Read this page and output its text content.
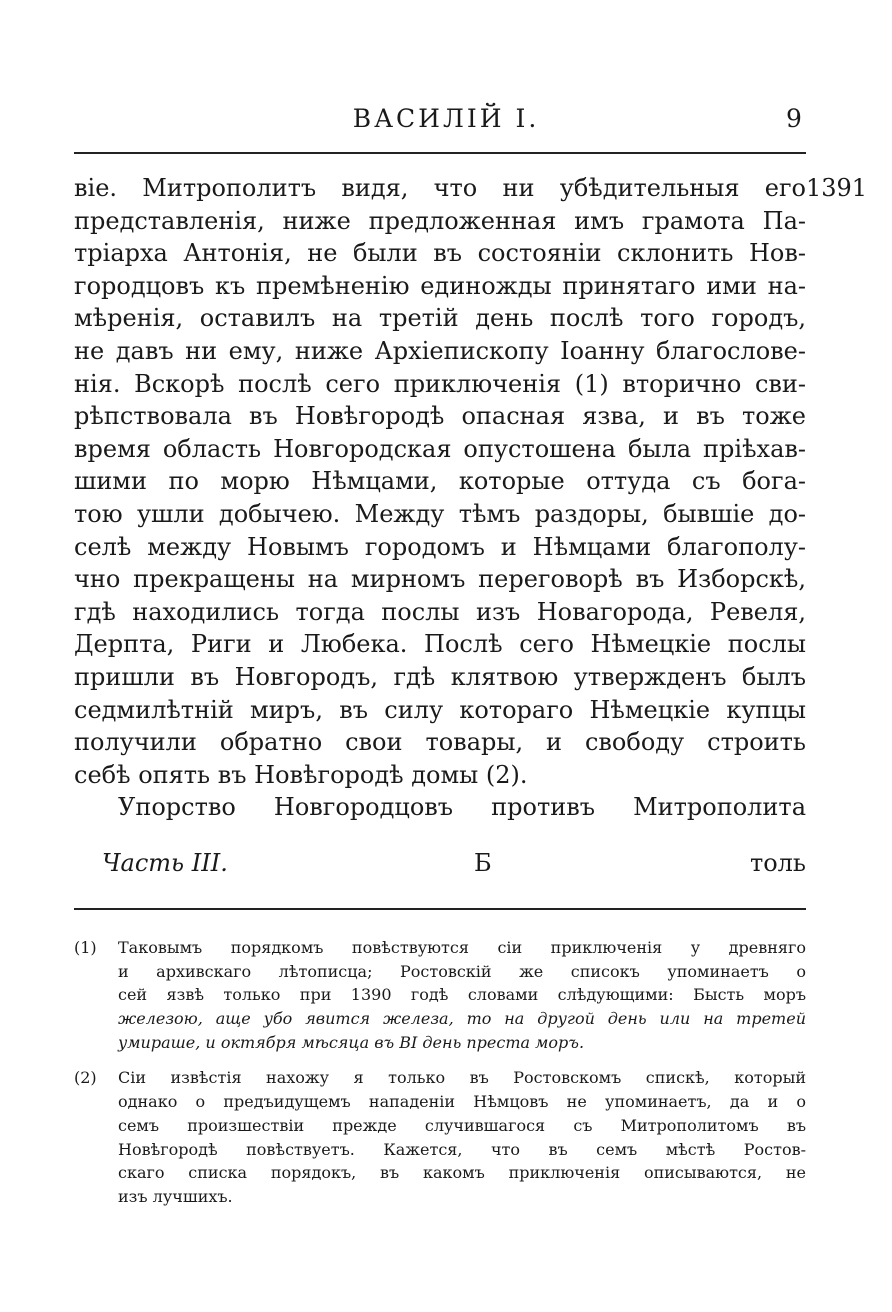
ВАСИЛІЙ I.	9
1391
віе. Митрополитъ видя, что ни убѣдительныя его
представленія, ниже предложенная имъ грамота Па-
тріарха Антонія, не были въ состояніи склонить Нов-
городцовъ къ премѣненію единожды принятаго ими на-
мѣренія, оставилъ на третій день послѣ того городъ,
не давъ ни ему, ниже Архіепископу Іоанну благослове-
нія. Вскорѣ послѣ сего приключенія (1) вторично сви-
рѣпствовала въ Новѣгородѣ опасная язва, и въ тоже
время область Новгородская опустошена была пріѣхав-
шими по морю Нѣмцами, которые оттуда съ бога-
тою ушли добычею. Между тѣмъ раздоры, бывшіе до-
селѣ между Новымъ городомъ и Нѣмцами благополу-
чно прекращены на мирномъ переговорѣ въ Изборскѣ,
гдѣ находились тогда послы изъ Новагорода, Ревеля,
Дерпта, Риги и Любека. Послѣ сего Нѣмецкіе послы
пришли въ Новгородъ, гдѣ клятвою утвержденъ былъ
седмилѣтній миръ, въ силу котораго Нѣмецкіе купцы
получили обратно свои товары, и свободу строить
себѣ опять въ Новѣгородѣ домы (2).
Упорство Новгородцовъ противъ Митрополита
Часть III.	Б	толь
(1) Таковымъ порядкомъ повѣствуются сіи приключенія у древняго
и архивскаго лѣтописца; Ростовскій же списокъ упоминаетъ о
сей язвѣ только при 1390 годѣ словами слѣдующими: Бысть моръ
железою, аще убо явится железа, то на другой день или на третей
умираше, и октября мѣсяца въ ВI день преста моръ.
(2) Сіи извѣстія нахожу я только въ Ростовскомъ спискѣ, который
однако о предъидущемъ нападеніи Нѣмцовъ не упоминаетъ, да и о
семъ произшествіи прежде случившагося съ Митрополитомъ въ
Новѣгородѣ повѣствуетъ. Кажется, что въ семъ мѣстѣ Ростов-
скаго списка порядокъ, въ какомъ приключенія описываются, не
изъ лучшихъ.
